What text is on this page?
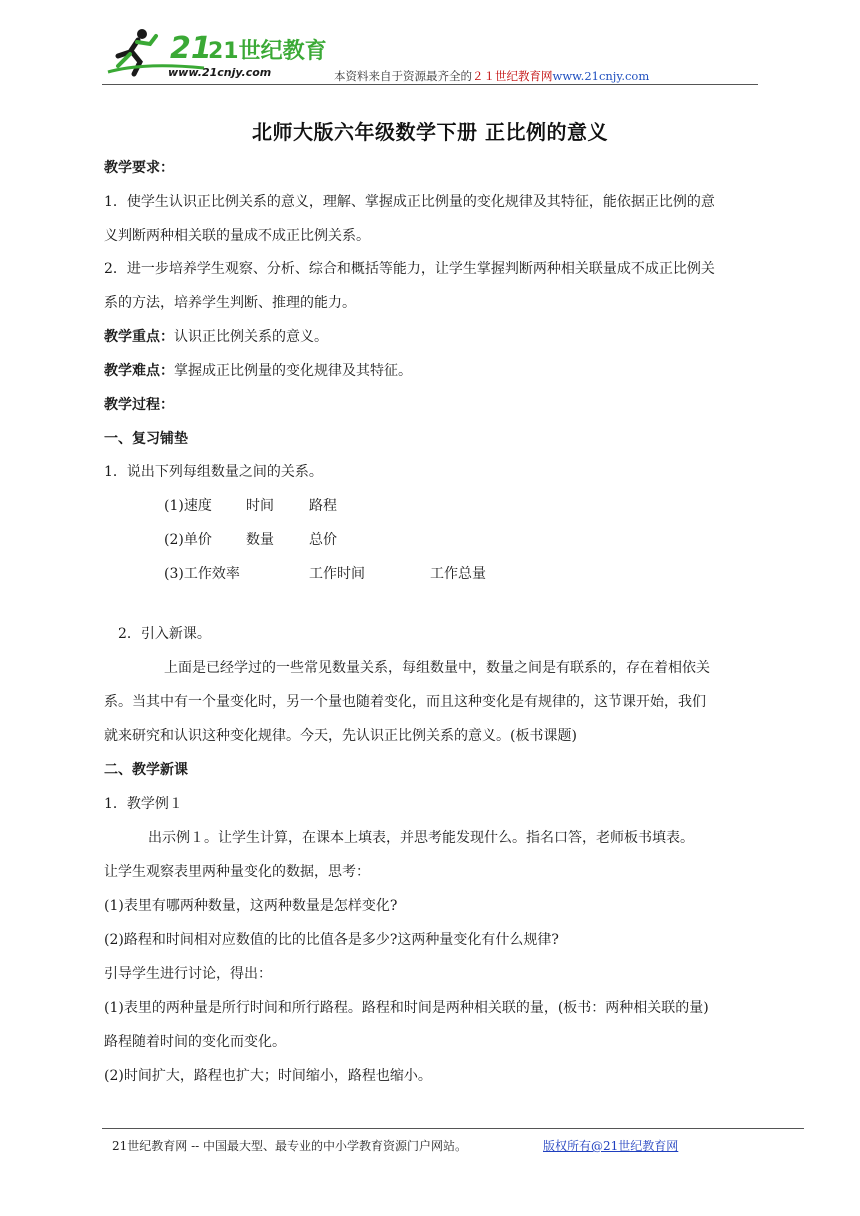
21
21世纪教育
www.21cnjy.com	本资料来自于资源最齐全的２１世纪教育网www.21cnjy.com
北师大版六年级数学下册 正比例的意义
教学要求：
1．使学生认识正比例关系的意义，理解、掌握成正比例量的变化规律及其特征，能依据正比例的意
义判断两种相关联的量成不成正比例关系。
2．进一步培养学生观察、分析、综合和概括等能力，让学生掌握判断两种相关联量成不成正比例关
系的方法，培养学生判断、推理的能力。
教学重点：认识正比例关系的意义。
教学难点：掌握成正比例量的变化规律及其特征。
教学过程：
一、复习铺垫
1．说出下列每组数量之间的关系。
(1)速度 时间	路程
(2)单价 数量	总价
(3)工作效率	工作时间	工作总量
2．引入新课。
上面是已经学过的一些常见数量关系，每组数量中，数量之间是有联系的，存在着相依关
系。当其中有一个量变化时，另一个量也随着变化，而且这种变化是有规律的，这节课开始，我们
就来研究和认识这种变化规律。今天，先认识正比例关系的意义。(板书课题)
二、教学新课
1．教学例１
出示例１。让学生计算，在课本上填表，并思考能发现什么。指名口答，老师板书填表。
让学生观察表里两种量变化的数据，思考：
(1)表里有哪两种数量，这两种数量是怎样变化?
(2)路程和时间相对应数值的比的比值各是多少?这两种量变化有什么规律?
引导学生进行讨论，得出：
(1)表里的两种量是所行时间和所行路程。路程和时间是两种相关联的量，(板书：两种相关联的量)
路程随着时间的变化而变化。
(2)时间扩大，路程也扩大；时间缩小，路程也缩小。
21世纪教育网 -- 中国最大型、最专业的中小学教育资源门户网站。	版权所有@21世纪教育网
